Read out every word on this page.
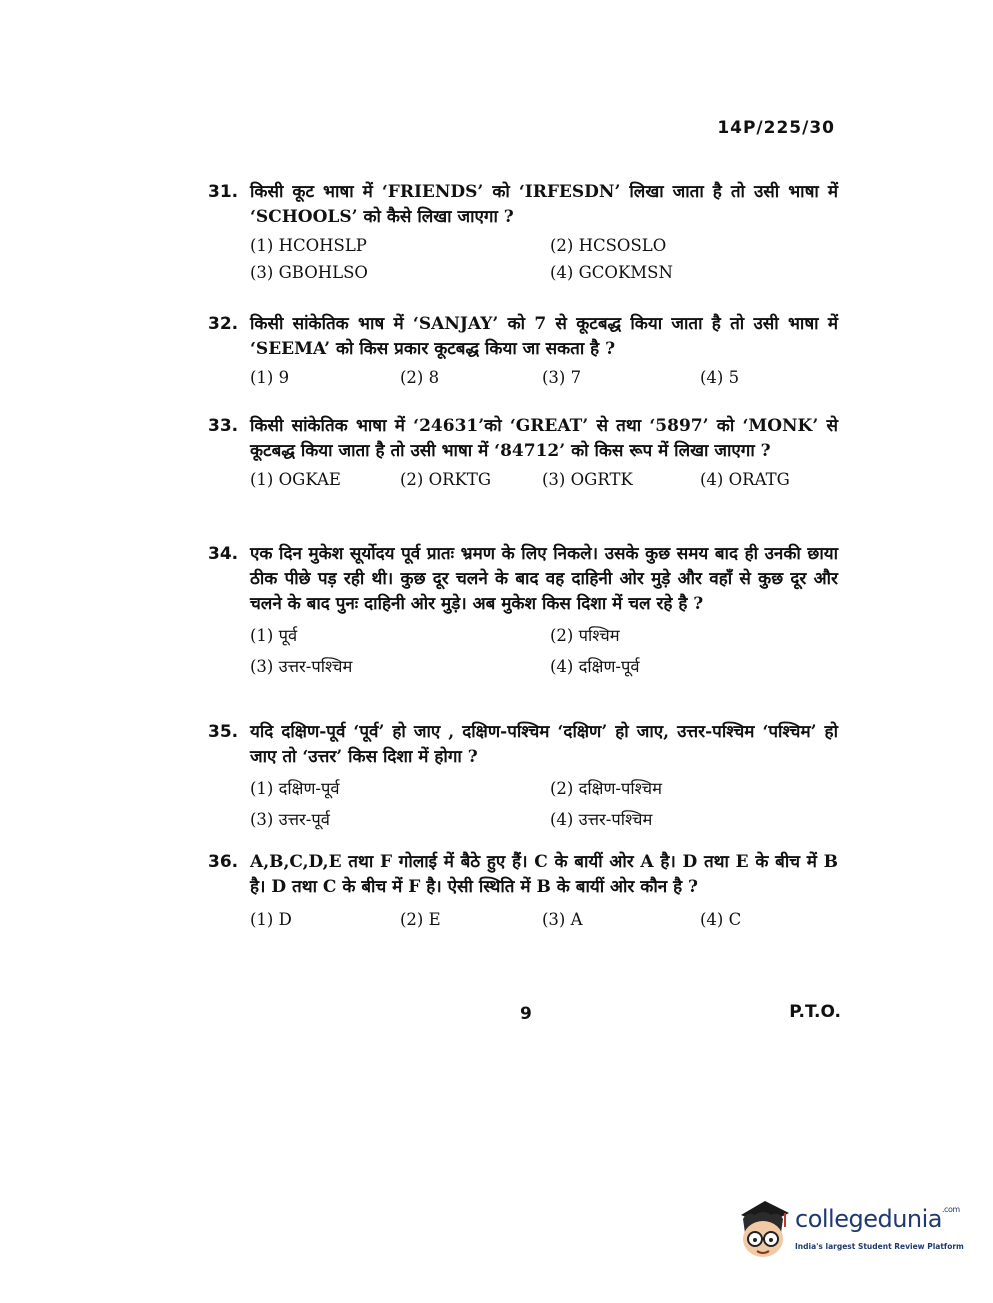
14P/225/30
31. किसी कूट भाषा में ‘FRIENDS’ को ‘IRFESDN’ लिखा जाता है तो उसी भाषा में ‘SCHOOLS’ को कैसे लिखा जाएगा ?
(1) HCOHSLP	(2) HCSOSLO
(3) GBOHLSO	(4) GCOKMSN
32. किसी सांकेतिक भाष में ‘SANJAY’ को 7 से कूटबद्ध किया जाता है तो उसी भाषा में ‘SEEMA’ को किस प्रकार कूटबद्ध किया जा सकता है ?
(1) 9	(2) 8	(3) 7	(4) 5
33. किसी सांकेतिक भाषा में ‘24631’को ‘GREAT’ से तथा ‘5897’ को ‘MONK’ से कूटबद्ध किया जाता है तो उसी भाषा में ‘84712’ को किस रूप में लिखा जाएगा ?
(1) OGKAE	(2) ORKTG	(3) OGRTK	(4) ORATG
34. एक दिन मुकेश सूर्योदय पूर्व प्रातः भ्रमण के लिए निकले। उसके कुछ समय बाद ही उनकी छाया ठीक पीछे पड़ रही थी। कुछ दूर चलने के बाद वह दाहिनी ओर मुड़े और वहाँ से कुछ दूर और चलने के बाद पुनः दाहिनी ओर मुड़े। अब मुकेश किस दिशा में चल रहे है ?
(1) पूर्व	(2) पश्चिम
(3) उत्तर-पश्चिम	(4) दक्षिण-पूर्व
35. यदि दक्षिण-पूर्व ‘पूर्व’ हो जाए , दक्षिण-पश्चिम ‘दक्षिण’ हो जाए, उत्तर-पश्चिम ‘पश्चिम’ हो जाए तो ‘उत्तर’ किस दिशा में होगा ?
(1) दक्षिण-पूर्व	(2) दक्षिण-पश्चिम
(3) उत्तर-पूर्व	(4) उत्तर-पश्चिम
36. A,B,C,D,E तथा F गोलाई में बैठे हुए हैं। C के बायीं ओर A है। D तथा E के बीच में B है। D तथा C के बीच में F है। ऐसी स्थिति में B के बायीं ओर कौन है ?
(1) D	(2) E	(3) A	(4) C
9	P.T.O.
collegedunia$^{.com}$
India's largest Student Review Platform
